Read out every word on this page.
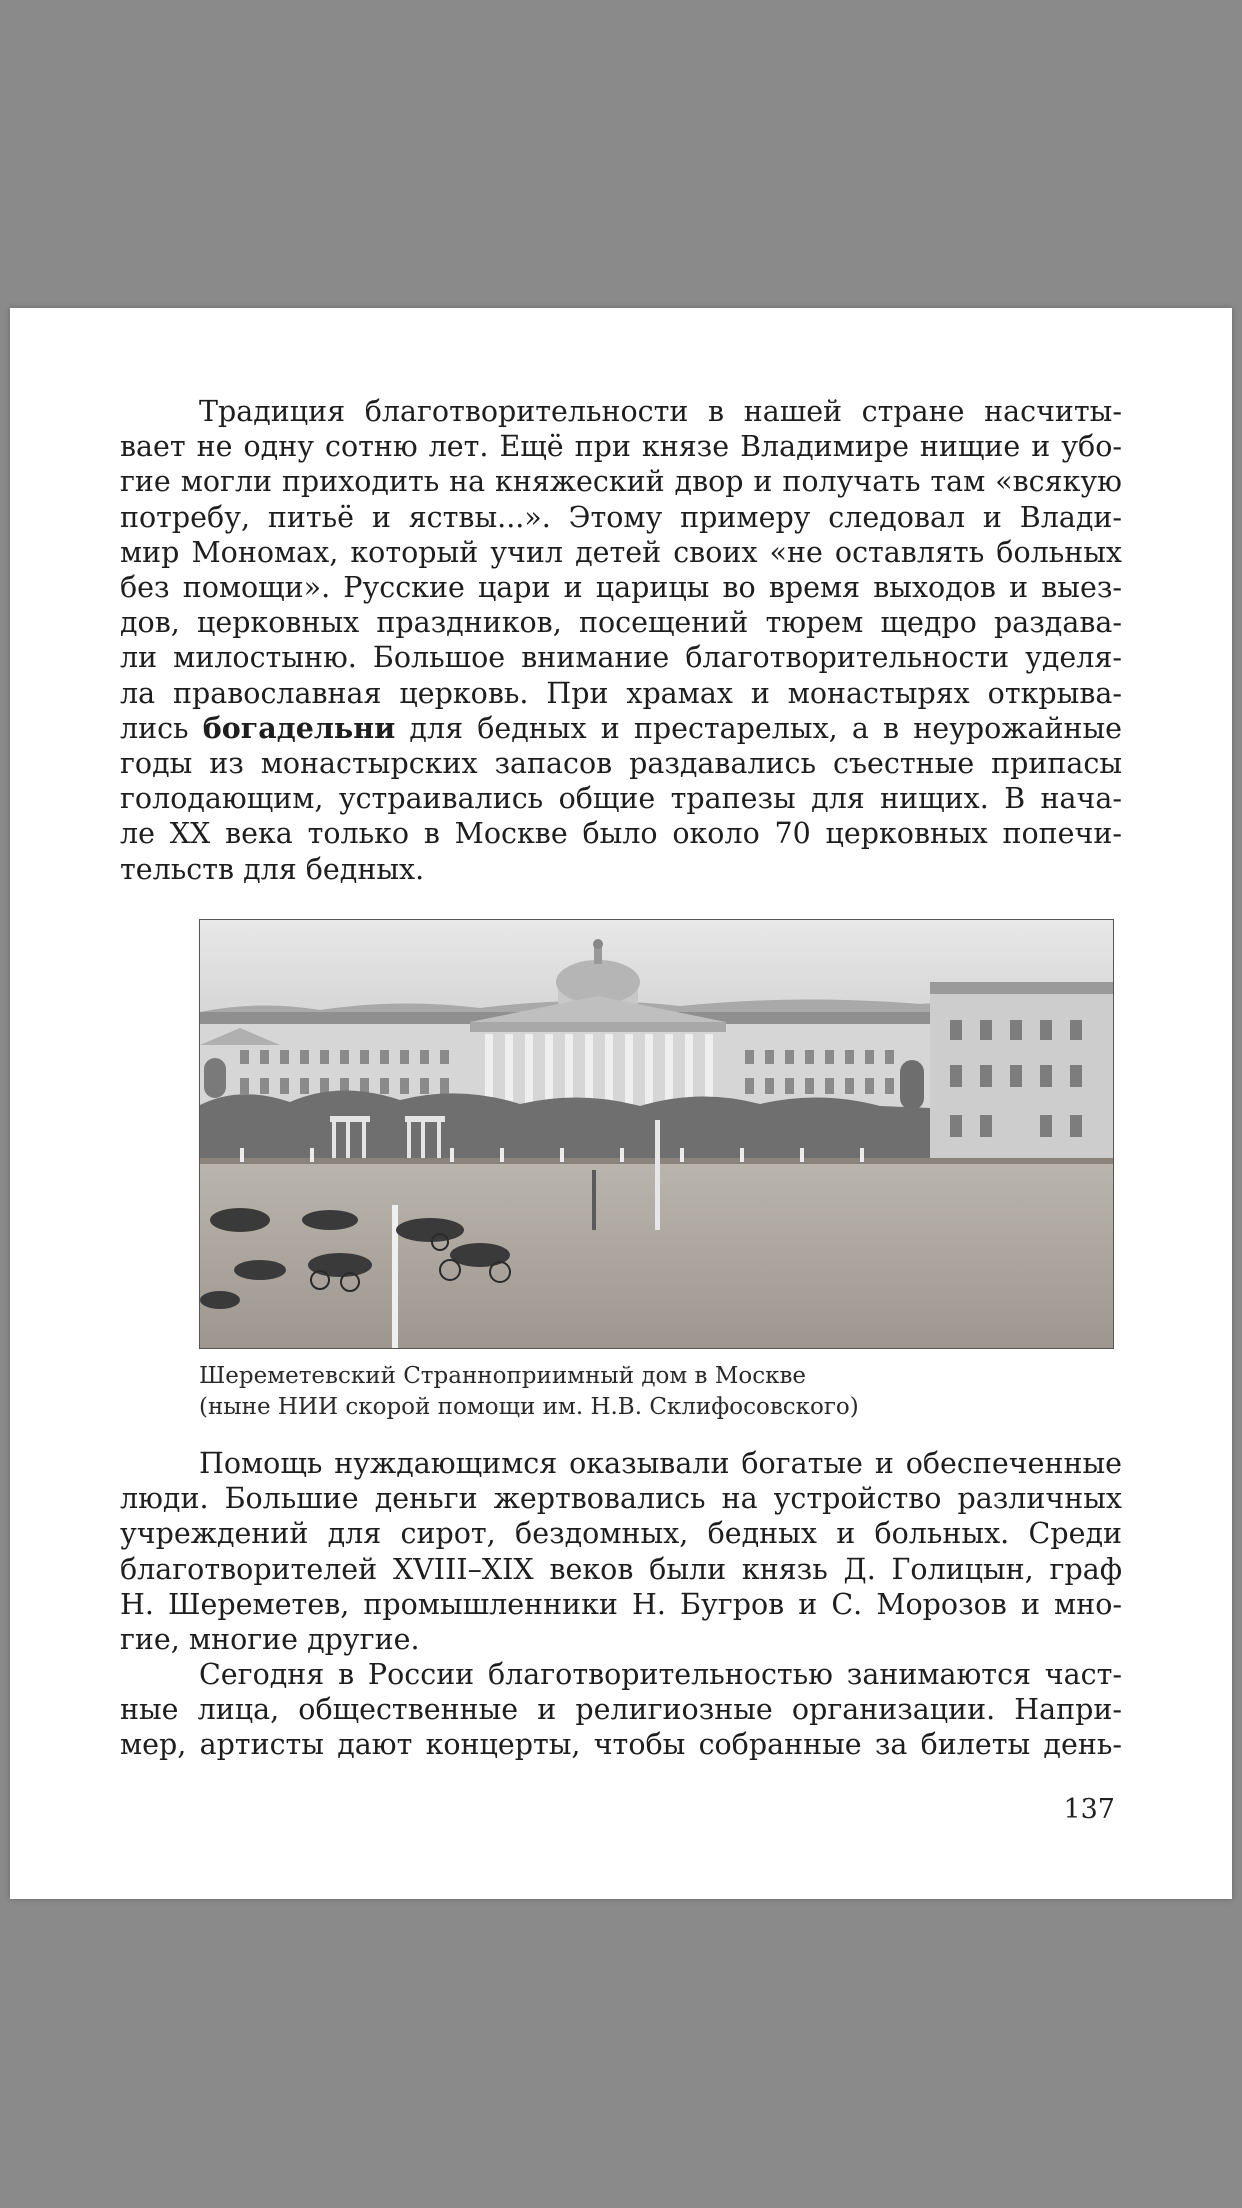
Традиция благотворительности в нашей стране насчиты-
вает не одну сотню лет. Ещё при князе Владимире нищие и убо-
гие могли приходить на княжеский двор и получать там «всякую
потребу, питьё и яствы...». Этому примеру следовал и Влади-
мир Мономах, который учил детей своих «не оставлять больных
без помощи». Русские цари и царицы во время выходов и выез-
дов, церковных праздников, посещений тюрем щедро раздава-
ли милостыню. Большое внимание благотворительности уделя-
ла православная церковь. При храмах и монастырях открыва-
лись богадельни для бедных и престарелых, а в неурожайные
годы из монастырских запасов раздавались съестные припасы
голодающим, устраивались общие трапезы для нищих. В нача-
ле XX века только в Москве было около 70 церковных попечи-
тельств для бедных.
Шереметевский Странноприимный дом в Москве
(ныне НИИ скорой помощи им. Н.В. Склифосовского)
Помощь нуждающимся оказывали богатые и обеспеченные
люди. Большие деньги жертвовались на устройство различных
учреждений для сирот, бездомных, бедных и больных. Среди
благотворителей XVIII–XIX веков были князь Д. Голицын, граф
Н. Шереметев, промышленники Н. Бугров и С. Морозов и мно-
гие, многие другие.
Сегодня в России благотворительностью занимаются част-
ные лица, общественные и религиозные организации. Напри-
мер, артисты дают концерты, чтобы собранные за билеты день-
137
